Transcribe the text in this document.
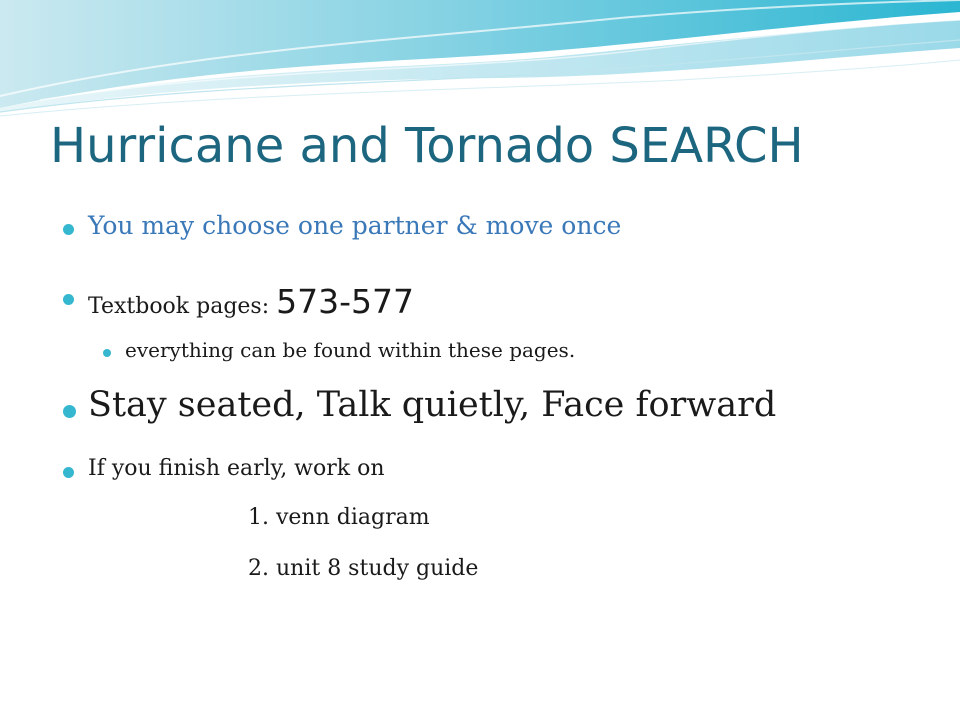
Hurricane and Tornado SEARCH
You may choose one partner & move once
Textbook pages: 573-577
everything can be found within these pages.
Stay seated, Talk quietly, Face forward
If you finish early, work on
1. venn diagram
2. unit 8 study guide
